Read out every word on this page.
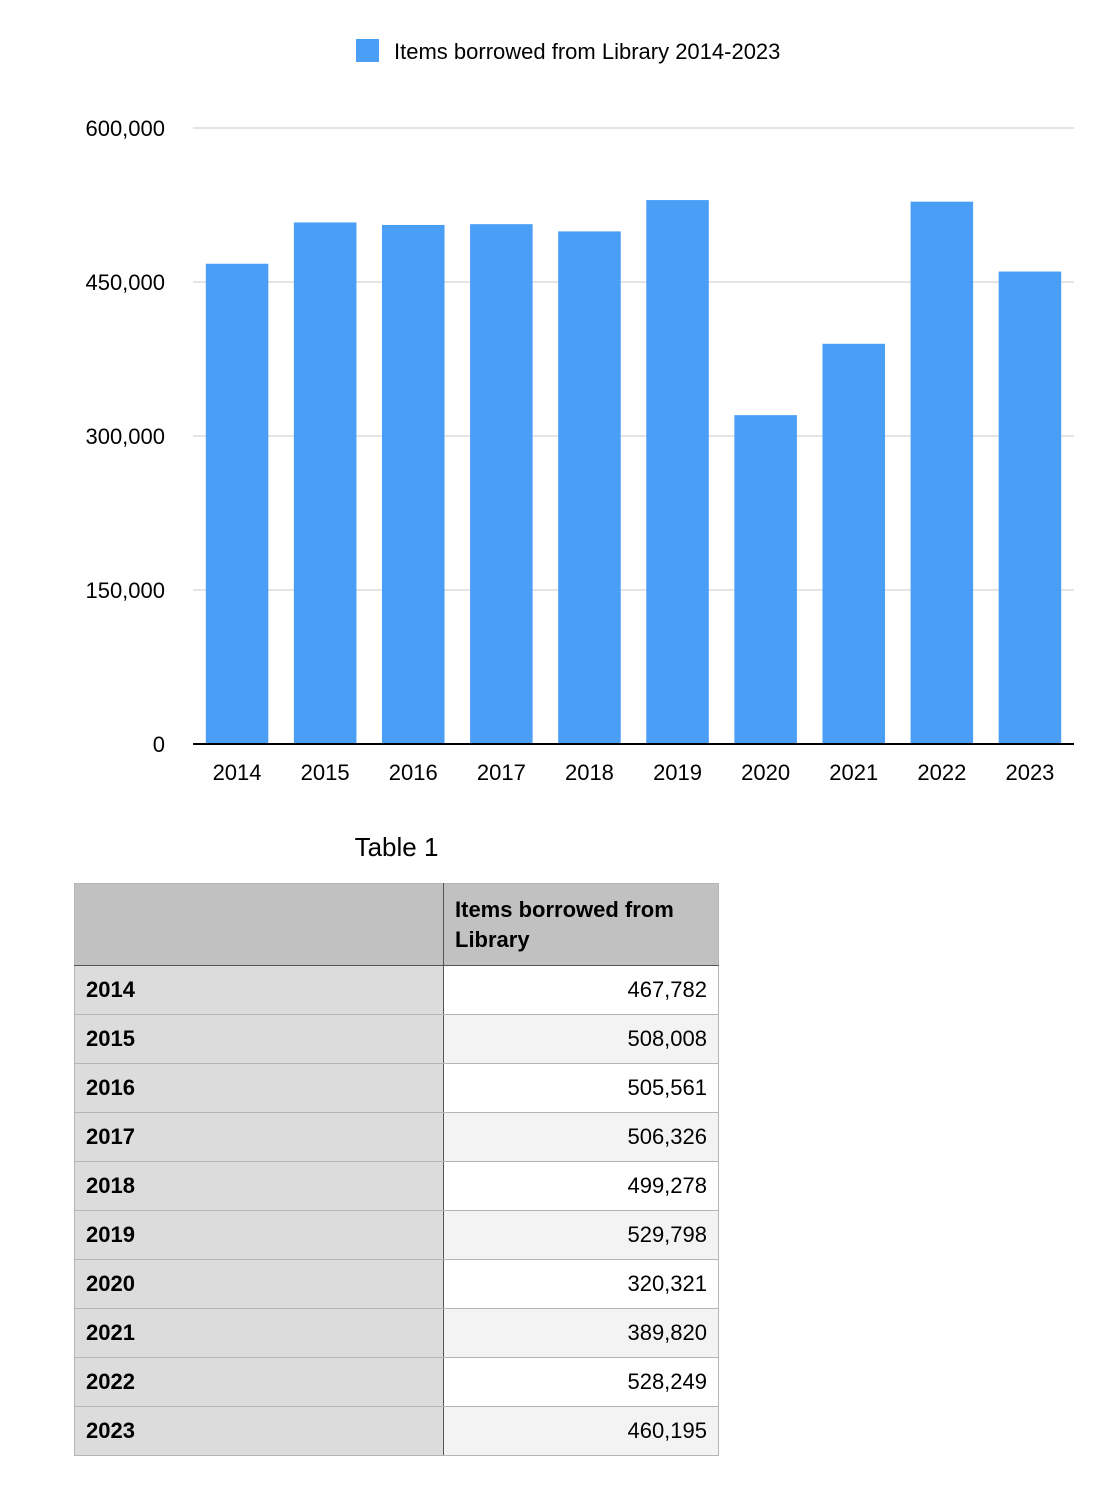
Items borrowed from Library 2014-2023
0
150,000
300,000
450,000
600,000
2014 2015 2016 2017 2018 2019 2020 2021 2022 2023
Table 1
	Items borrowed from Library
2014	467,782
2015	508,008
2016	505,561
2017	506,326
2018	499,278
2019	529,798
2020	320,321
2021	389,820
2022	528,249
2023	460,195
